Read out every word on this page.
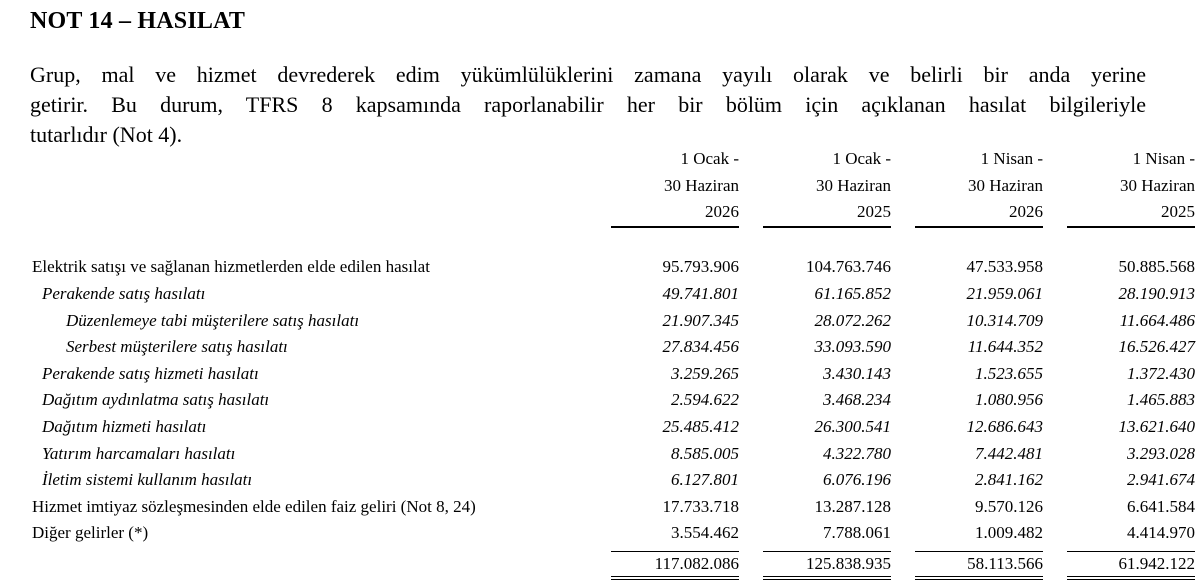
NOT 14 – HASILAT
Grup, mal ve hizmet devrederek edim yükümlülüklerini zamana yayılı olarak ve belirli bir anda yerine
getirir. Bu durum, TFRS 8 kapsamında raporlanabilir her bir bölüm için açıklanan hasılat bilgileriyle
tutarlıdır (Not 4).
		1 Ocak -		1 Ocak -		1 Nisan -		1 Nisan -
		30 Haziran		30 Haziran		30 Haziran		30 Haziran
		2026		2025		2026		2025

Elektrik satışı ve sağlanan hizmetlerden elde edilen hasılat		95.793.906		104.763.746		47.533.958		50.885.568
Perakende satış hasılatı		49.741.801		61.165.852		21.959.061		28.190.913
Düzenlemeye tabi müşterilere satış hasılatı		21.907.345		28.072.262		10.314.709		11.664.486
Serbest müşterilere satış hasılatı		27.834.456		33.093.590		11.644.352		16.526.427
Perakende satış hizmeti hasılatı		3.259.265		3.430.143		1.523.655		1.372.430
Dağıtım aydınlatma satış hasılatı		2.594.622		3.468.234		1.080.956		1.465.883
Dağıtım hizmeti hasılatı		25.485.412		26.300.541		12.686.643		13.621.640
Yatırım harcamaları hasılatı		8.585.005		4.322.780		7.442.481		3.293.028
İletim sistemi kullanım hasılatı		6.127.801		6.076.196		2.841.162		2.941.674
Hizmet imtiyaz sözleşmesinden elde edilen faiz geliri (Not 8, 24)		17.733.718		13.287.128		9.570.126		6.641.584
Diğer gelirler (*)		3.554.462		7.788.061		1.009.482		4.414.970

		117.082.086		125.838.935		58.113.566		61.942.122
